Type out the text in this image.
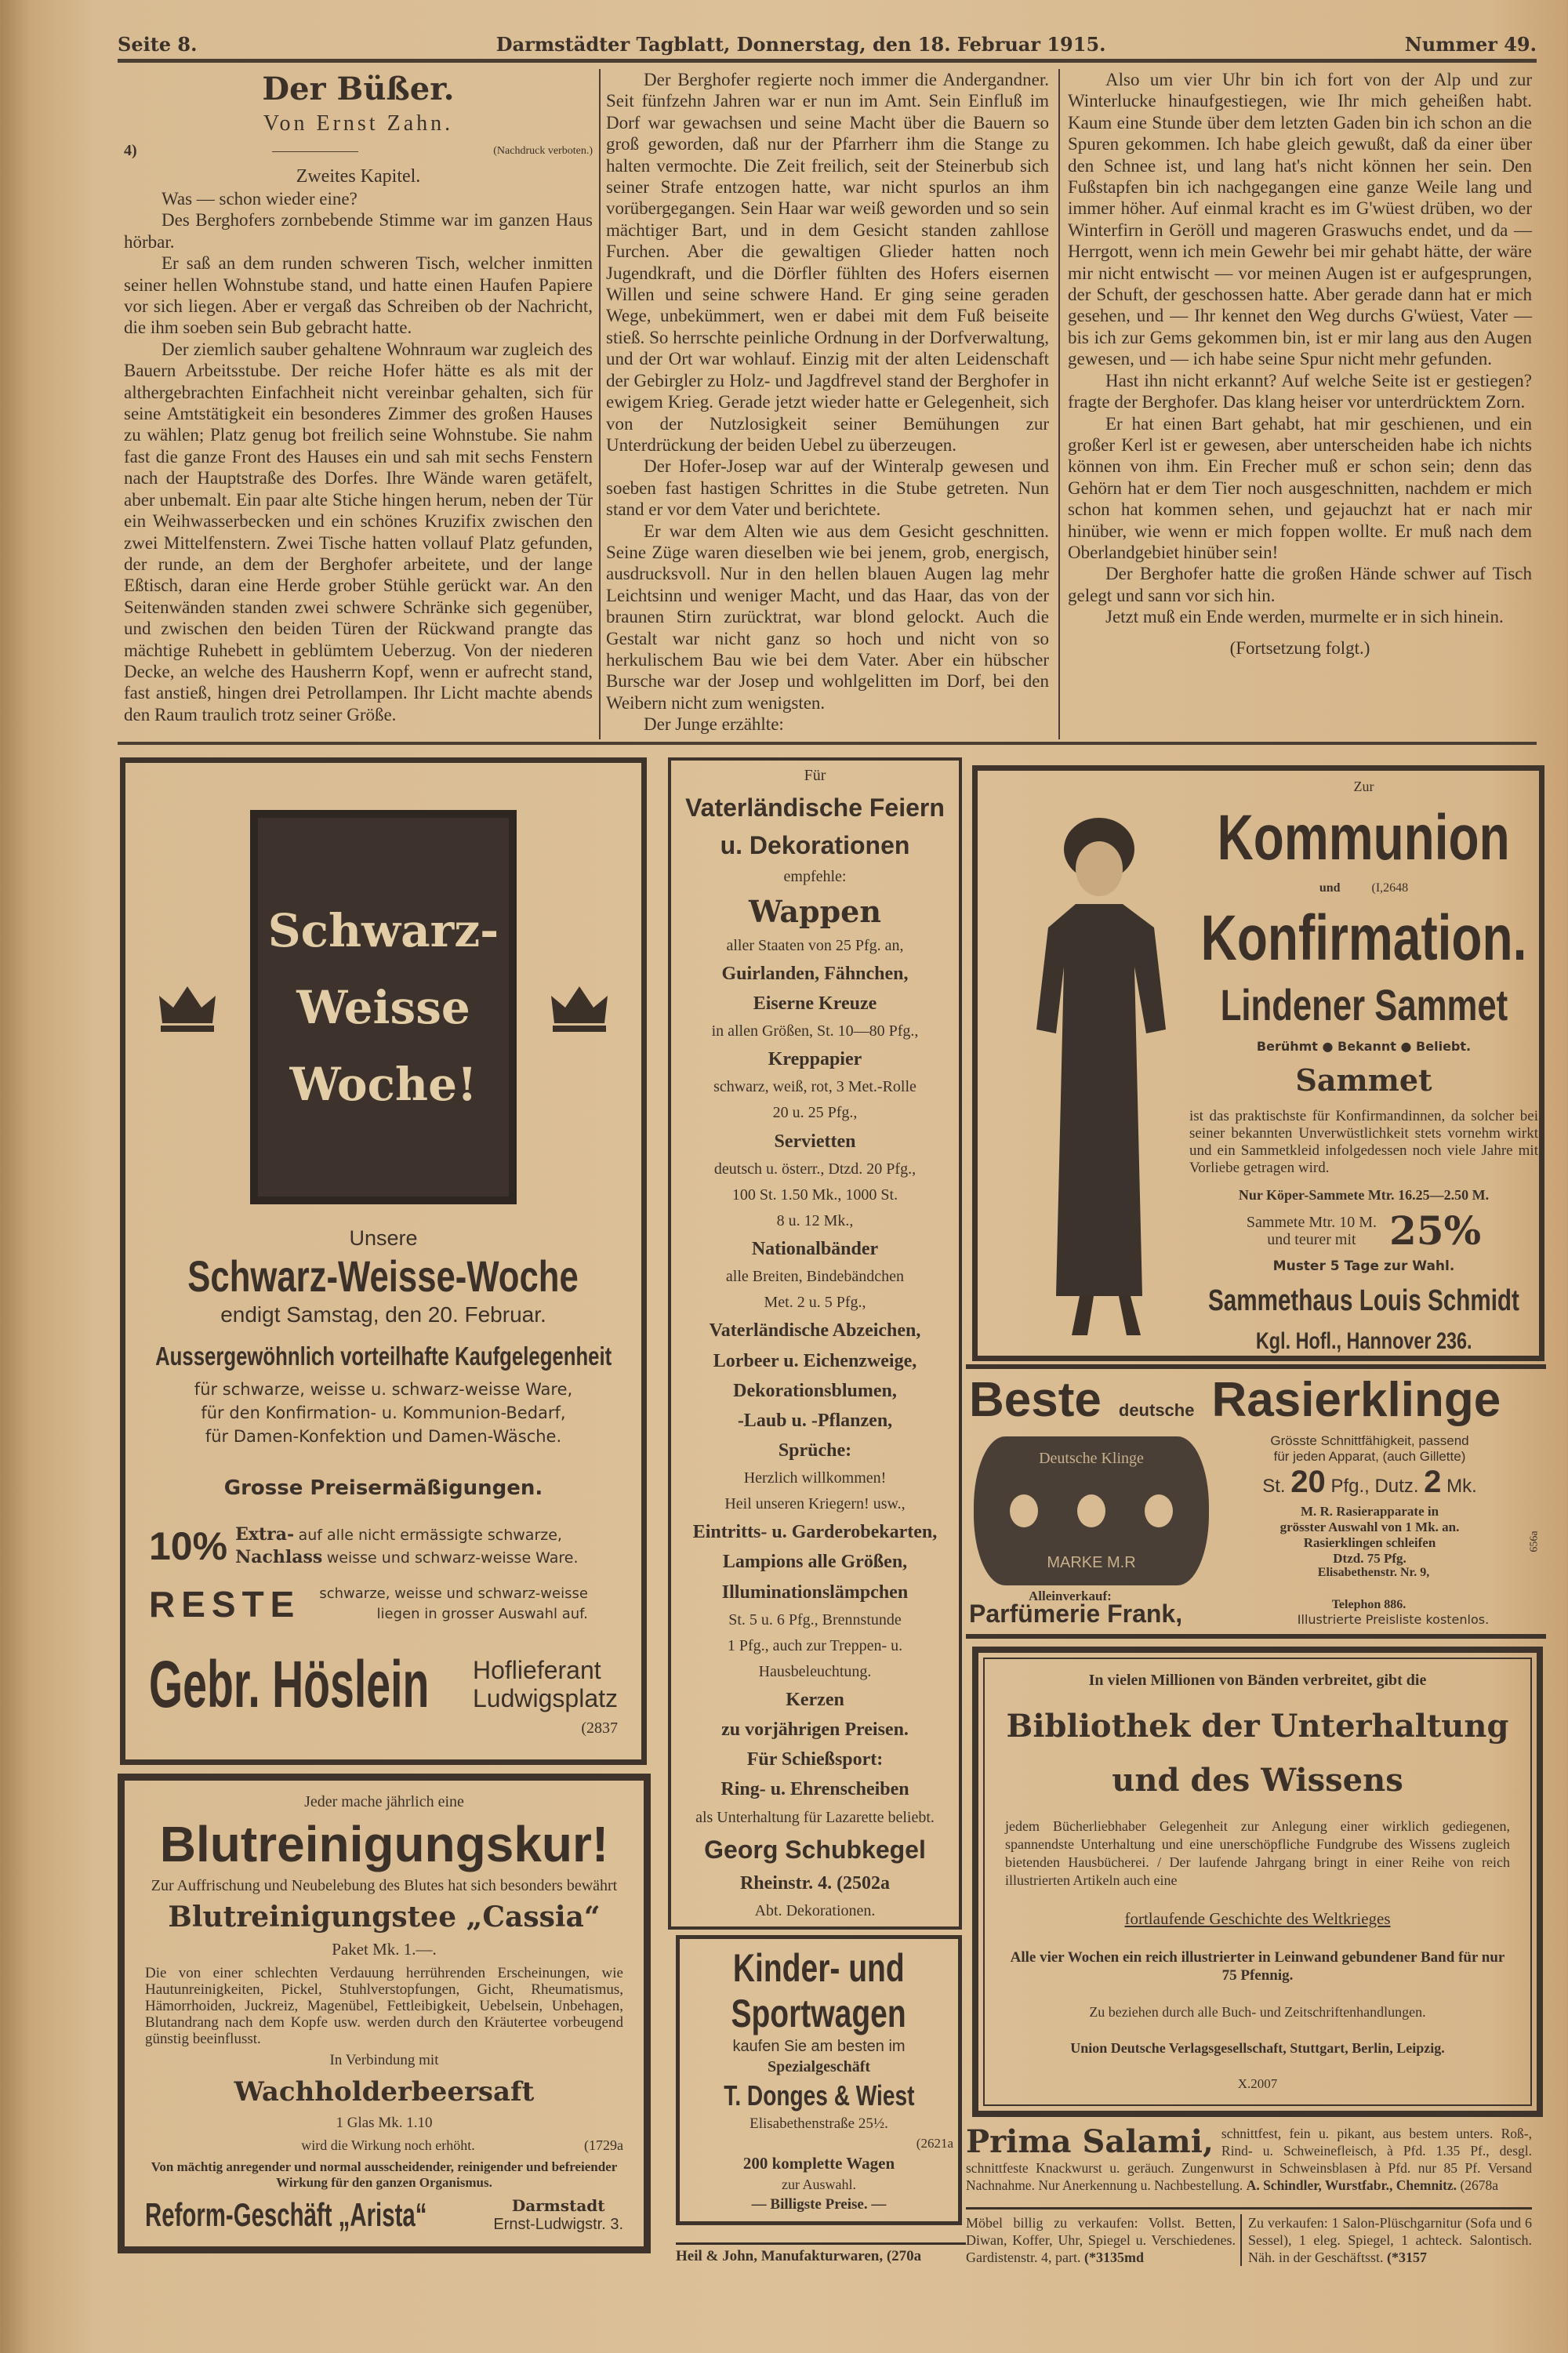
Seite 8.	Darmstädter Tagblatt, Donnerstag, den 18. Februar 1915.	Nummer 49.
Der Büßer.
Von Ernst Zahn.
4)	(Nachdruck verboten.)
Zweites Kapitel.

Was — schon wieder eine?

Des Berghofers zornbebende Stimme war im ganzen Haus hörbar.

Er saß an dem runden schweren Tisch, welcher inmitten seiner hellen Wohnstube stand, und hatte einen Haufen Papiere vor sich liegen. Aber er vergaß das Schreiben ob der Nachricht, die ihm soeben sein Bub gebracht hatte.

Der ziemlich sauber gehaltene Wohnraum war zugleich des Bauern Arbeitsstube. Der reiche Hofer hätte es als mit der althergebrachten Einfachheit nicht vereinbar gehalten, sich für seine Amtstätigkeit ein besonderes Zimmer des großen Hauses zu wählen; Platz genug bot freilich seine Wohnstube. Sie nahm fast die ganze Front des Hauses ein und sah mit sechs Fenstern nach der Hauptstraße des Dorfes. Ihre Wände waren getäfelt, aber unbemalt. Ein paar alte Stiche hingen herum, neben der Tür ein Weihwasserbecken und ein schönes Kruzifix zwischen den zwei Mittelfenstern. Zwei Tische hatten vollauf Platz gefunden, der runde, an dem der Berghofer arbeitete, und der lange Eßtisch, daran eine Herde grober Stühle gerückt war. An den Seitenwänden standen zwei schwere Schränke sich gegenüber, und zwischen den beiden Türen der Rückwand prangte das mächtige Ruhebett in geblümtem Ueberzug. Von der niederen Decke, an welche des Hausherrn Kopf, wenn er aufrecht stand, fast anstieß, hingen drei Petrollampen. Ihr Licht machte abends den Raum traulich trotz seiner Größe.

Der Berghofer regierte noch immer die Andergandner. Seit fünfzehn Jahren war er nun im Amt. Sein Einfluß im Dorf war gewachsen und seine Macht über die Bauern so groß geworden, daß nur der Pfarrherr ihm die Stange zu halten vermochte. Die Zeit freilich, seit der Steinerbub sich seiner Strafe entzogen hatte, war nicht spurlos an ihm vorübergegangen. Sein Haar war weiß geworden und so sein mächtiger Bart, und in dem Gesicht standen zahllose Furchen. Aber die gewaltigen Glieder hatten noch Jugendkraft, und die Dörfler fühlten des Hofers eisernen Willen und seine schwere Hand. Er ging seine geraden Wege, unbekümmert, wen er dabei mit dem Fuß beiseite stieß. So herrschte peinliche Ordnung in der Dorfverwaltung, und der Ort war wohlauf. Einzig mit der alten Leidenschaft der Gebirgler zu Holz- und Jagdfrevel stand der Berghofer in ewigem Krieg. Gerade jetzt wieder hatte er Gelegenheit, sich von der Nutzlosigkeit seiner Bemühungen zur Unterdrückung der beiden Uebel zu überzeugen.

Der Hofer-Josep war auf der Winteralp gewesen und soeben fast hastigen Schrittes in die Stube getreten. Nun stand er vor dem Vater und berichtete.

Er war dem Alten wie aus dem Gesicht geschnitten. Seine Züge waren dieselben wie bei jenem, grob, energisch, ausdrucksvoll. Nur in den hellen blauen Augen lag mehr Leichtsinn und weniger Macht, und das Haar, das von der braunen Stirn zurücktrat, war blond gelockt. Auch die Gestalt war nicht ganz so hoch und nicht von so herkulischem Bau wie bei dem Vater. Aber ein hübscher Bursche war der Josep und wohlgelitten im Dorf, bei den Weibern nicht zum wenigsten.

Der Junge erzählte:

Also um vier Uhr bin ich fort von der Alp und zur Winterlucke hinaufgestiegen, wie Ihr mich geheißen habt. Kaum eine Stunde über dem letzten Gaden bin ich schon an die Spuren gekommen. Ich habe gleich gewußt, daß da einer über den Schnee ist, und lang hat's nicht können her sein. Den Fußstapfen bin ich nachgegangen eine ganze Weile lang und immer höher. Auf einmal kracht es im G'wüest drüben, wo der Winterfirn in Geröll und mageren Graswuchs endet, und da — Herrgott, wenn ich mein Gewehr bei mir gehabt hätte, der wäre mir nicht entwischt — vor meinen Augen ist er aufgesprungen, der Schuft, der geschossen hatte. Aber gerade dann hat er mich gesehen, und — Ihr kennet den Weg durchs G'wüest, Vater — bis ich zur Gems gekommen bin, ist er mir lang aus den Augen gewesen, und — ich habe seine Spur nicht mehr gefunden.

Hast ihn nicht erkannt? Auf welche Seite ist er gestiegen? fragte der Berghofer. Das klang heiser vor unterdrücktem Zorn.

Er hat einen Bart gehabt, hat mir geschienen, und ein großer Kerl ist er gewesen, aber unterscheiden habe ich nichts können von ihm. Ein Frecher muß er schon sein; denn das Gehörn hat er dem Tier noch ausgeschnitten, nachdem er mich schon hat kommen sehen, und gejauchzt hat er nach mir hinüber, wie wenn er mich foppen wollte. Er muß nach dem Oberlandgebiet hinüber sein!

Der Berghofer hatte die großen Hände schwer auf Tisch gelegt und sann vor sich hin.

Jetzt muß ein Ende werden, murmelte er in sich hinein.

(Fortsetzung folgt.)
Schwarz-
Weisse
Woche!
Unsere
Schwarz-Weisse-Woche
endigt Samstag, den 20. Februar.
Aussergewöhnlich vorteilhafte Kaufgelegenheit
für schwarze, weisse u. schwarz-weisse Ware,
für den Konfirmation- u. Kommunion-Bedarf,
für Damen-Konfektion und Damen-Wäsche.
Grosse Preisermäßigungen.
10% Extra- auf alle nicht ermässigte schwarze,
Nachlass weisse und schwarz-weisse Ware.
RESTE schwarze, weisse und schwarz-weisse
liegen in grosser Auswahl auf.
Gebr. Höslein	Hoflieferant
Ludwigsplatz
(2837
Für
Vaterländische Feiern
u. Dekorationen
empfehle:
Wappen
aller Staaten von 25 Pfg. an,
Guirlanden, Fähnchen,
Eiserne Kreuze
in allen Größen, St. 10—80 Pfg.,
Kreppapier
schwarz, weiß, rot, 3 Met.-Rolle
20 u. 25 Pfg.,
Servietten
deutsch u. österr., Dtzd. 20 Pfg.,
100 St. 1.50 Mk., 1000 St.
8 u. 12 Mk.,
Nationalbänder
alle Breiten, Bindebändchen
Met. 2 u. 5 Pfg.,
Vaterländische Abzeichen,
Lorbeer u. Eichenzweige,
Dekorationsblumen,
-Laub u. -Pflanzen,
Sprüche:
Herzlich willkommen!
Heil unseren Kriegern! usw.,
Eintritts- u. Garderobekarten,
Lampions alle Größen,
Illuminationslämpchen
St. 5 u. 6 Pfg., Brennstunde
1 Pfg., auch zur Treppen- u.
Hausbeleuchtung.
Kerzen
zu vorjährigen Preisen.
Für Schießsport:
Ring- u. Ehrenscheiben
als Unterhaltung für Lazarette beliebt.
Georg Schubkegel
Rheinstr. 4. (2502a
Abt. Dekorationen.
Kinder- und
Sportwagen
kaufen Sie am besten im
Spezialgeschäft
T. Donges & Wiest
Elisabethenstraße 25½.
(2621a
200 komplette Wagen
zur Auswahl.
— Billigste Preise. —
Heil & John, Manufakturwaren, (270a
Zur
Kommunion
und	(I,2648
Konfirmation.
Lindener Sammet
Berühmt ● Bekannt ● Beliebt.
Sammet
ist das praktischste für Konfirmandinnen, da solcher bei seiner bekannten Unverwüstlichkeit stets vornehm wirkt und ein Sammetkleid infolgedessen noch viele Jahre mit Vorliebe getragen wird.
Nur Köper-Sammete Mtr. 16.25—2.50 M.
Sammete Mtr. 10 M.
und teurer mit 25%
Muster 5 Tage zur Wahl.
Sammethaus Louis Schmidt
Kgl. Hofl., Hannover 236.
Beste deutsche Rasierklinge
Deutsche Klinge
MARKE M.R
Grösste Schnittfähigkeit, passend
für jeden Apparat, (auch Gillette)
St. 20 Pfg., Dutz. 2 Mk.
M. R. Rasierapparate in
grösster Auswahl von 1 Mk. an.
Rasierklingen schleifen
Dtzd. 75 Pfg.
656a
Alleinverkauf:
Elisabethenstr. Nr. 9,
Parfümerie Frank,	Telephon 886.
Illustrierte Preisliste kostenlos.
In vielen Millionen von Bänden verbreitet, gibt die
Bibliothek der Unterhaltung
und des Wissens
jedem Bücherliebhaber Gelegenheit zur Anlegung einer wirklich gediegenen, spannendste Unterhaltung und eine unerschöpfliche Fundgrube des Wissens zugleich bietenden Hausbücherei. / Der laufende Jahrgang bringt in einer Reihe von reich illustrierten Artikeln auch eine
fortlaufende Geschichte des Weltkrieges
Alle vier Wochen ein reich illustrierter in Leinwand gebundener Band für nur 75 Pfennig.
Zu beziehen durch alle Buch- und Zeitschriftenhandlungen.
Union Deutsche Verlagsgesellschaft, Stuttgart, Berlin, Leipzig.
X.2007
Prima Salami, schnittfest, fein u. pikant, aus bestem unters. Roß-, Rind- u. Schweinefleisch, à Pfd. 1.35 Pf., desgl. schnittfeste Knackwurst u. geräuch. Zungenwurst in Schweinsblasen à Pfd. nur 85 Pf. Versand Nachnahme. Nur Anerkennung u. Nachbestellung. A. Schindler, Wurstfabr., Chemnitz. (2678a
Möbel billig zu verkaufen: Vollst. Betten, Diwan, Koffer, Uhr, Spiegel u. Verschiedenes. Gardistenstr. 4, part. (*3135md
Zu verkaufen: 1 Salon-Plüschgarnitur (Sofa und 6 Sessel), 1 eleg. Spiegel, 1 achteck. Salontisch. Näh. in der Geschäftsst. (*3157
Jeder mache jährlich eine
Blutreinigungskur!
Zur Auffrischung und Neubelebung des Blutes hat sich besonders bewährt
Blutreinigungstee „Cassia“
Paket Mk. 1.—.
Die von einer schlechten Verdauung herrührenden Erscheinungen, wie Hautunreinigkeiten, Pickel, Stuhlverstopfungen, Gicht, Rheumatismus, Hämorrhoiden, Juckreiz, Magenübel, Fettleibigkeit, Uebelsein, Unbehagen, Blutandrang nach dem Kopfe usw. werden durch den Kräutertee vorbeugend günstig beeinflusst.
In Verbindung mit
Wachholderbeersaft
1 Glas Mk. 1.10
wird die Wirkung noch erhöht.	(1729a
Von mächtig anregender und normal ausscheidender, reinigender und befreiender Wirkung für den ganzen Organismus.
Reform-Geschäft „Arista“	Darmstadt
Ernst-Ludwigstr. 3.
